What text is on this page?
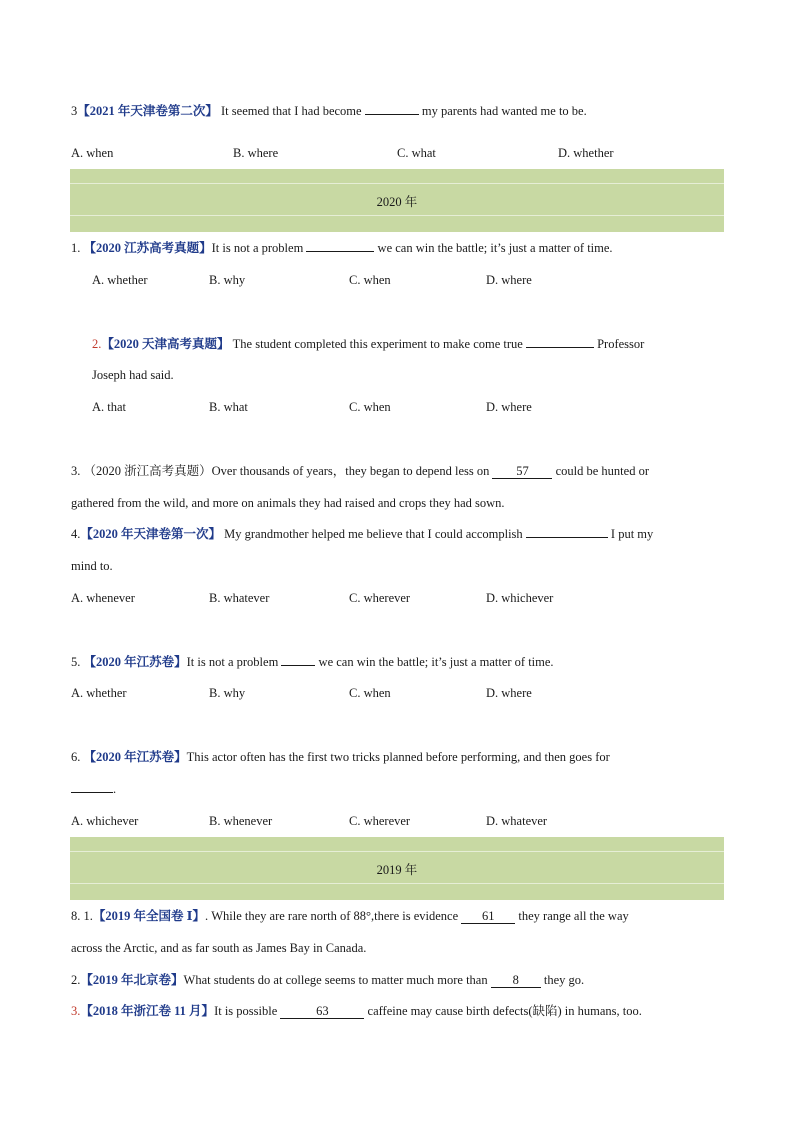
3【2021 年天津卷第二次】 It seemed that I had become	my parents had wanted me to be.
A. when	B. where	C. what	D. whether
2020 年
1. 【2020 江苏高考真题】It is not a problem	we can win the battle; it’s just a matter of time.
A. whether	B. why	C. when	D. where
2.【2020 天津高考真题】 The student completed this experiment to make come true	Professor
Joseph had said.
A. that	B. what	C. when	D. where
3. （2020 浙江高考真题）Over thousands of years，they began to depend less on 57 could be hunted or
gathered from the wild, and more on animals they had raised and crops they had sown.
4.【2020 年天津卷第一次】 My grandmother helped me believe that I could accomplish	I put my
mind to.
A. whenever	B. whatever	C. wherever	D. whichever
5. 【2020 年江苏卷】It is not a problem	we can win the battle; it’s just a matter of time.
A. whether	B. why	C. when	D. where
6. 【2020 年江苏卷】This actor often has the first two tricks planned before performing, and then goes for
.
A. whichever	B. whenever	C. wherever	D. whatever
2019 年
8. 1.【2019 年全国卷 Ⅰ】. While they are rare north of 88°,there is evidence 61 they range all the way
across the Arctic, and as far south as James Bay in Canada.
2.【2019 年北京卷】What students do at college seems to matter much more than 8 they go.
3.【2018 年浙江卷 11 月】It is possible	63	caffeine may cause birth defects(缺陷) in humans, too.
